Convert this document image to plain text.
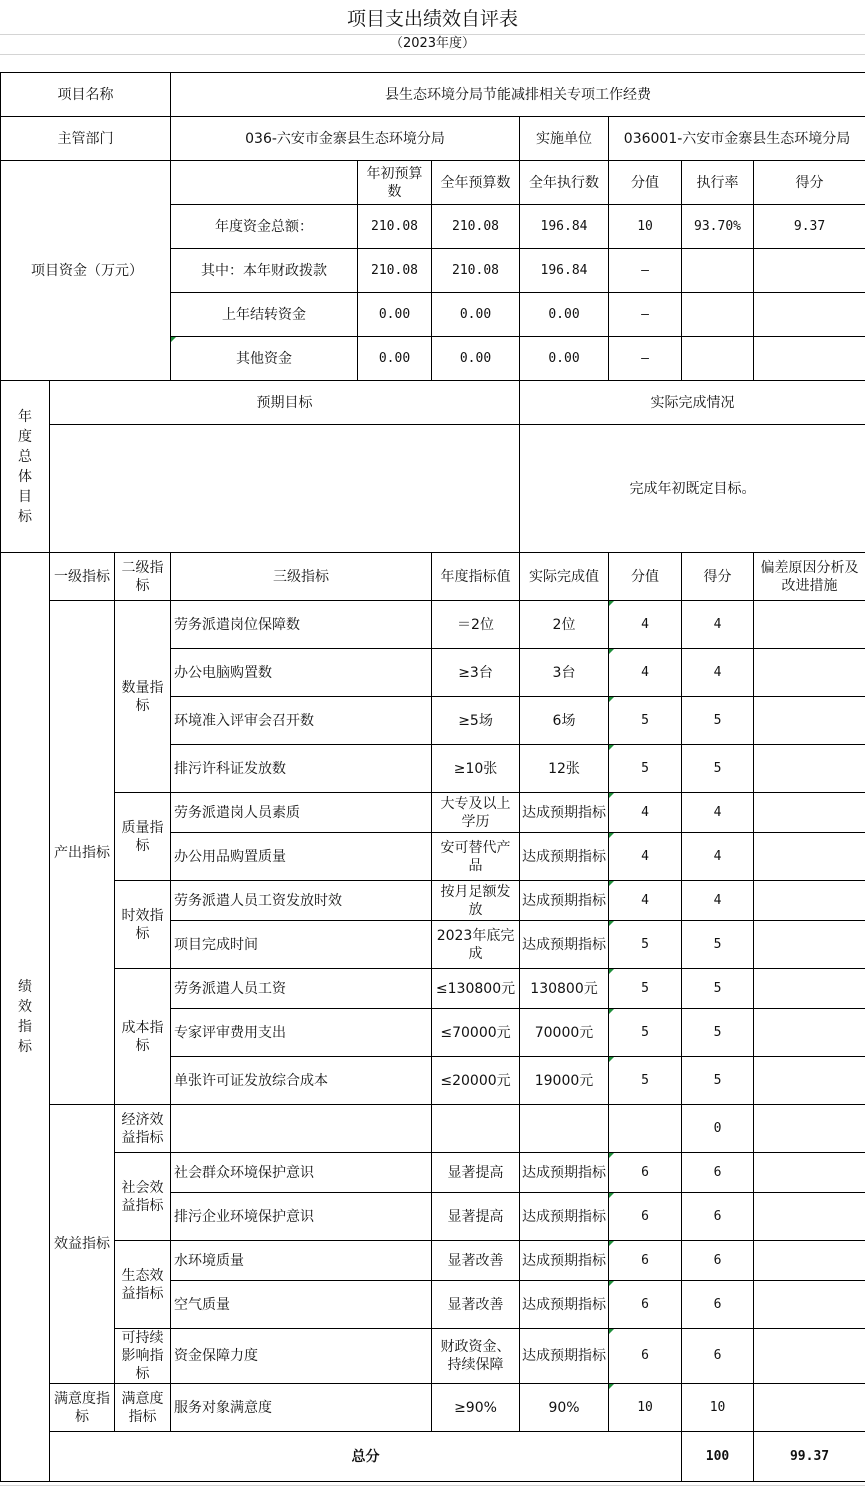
项目支出绩效自评表
（2023年度）
项目名称			县生态环境分局节能减排相关专项工作经费							
主管部门			036-六安市金寨县生态环境分局			实施单位	036001-六安市金寨县生态环境分局			
项目资金（万元）				年初预算数	全年预算数	全年执行数	分值	执行率	得分	
			年度资金总额：	210.08	210.08	196.84	10	93.70%	9.37	
			其中：本年财政拨款	210.08	210.08	196.84	—			
			上年结转资金	0.00	0.00	0.00	—			
			其他资金	0.00	0.00	0.00	—			

年度总体目标	预期目标					实际完成情况				
						完成年初既定目标。				

绩效指标	一级指标	二级指标	三级指标		年度指标值	实际完成值	分值	得分	偏差原因分析及改进措施	
	产出指标	数量指标	劳务派遣岗位保障数		＝2位	2位	4	4		
			办公电脑购置数		≥3台	3台	4	4		
			环境准入评审会召开数		≥5场	6场	5	5		
			排污许科证发放数		≥10张	12张	5	5		
		质量指标	劳务派遣岗人员素质		大专及以上学历	达成预期指标	4	4		
			办公用品购置质量		安可替代产品	达成预期指标	4	4		
		时效指标	劳务派遣人员工资发放时效		按月足额发放	达成预期指标	4	4		
			项目完成时间		2023年底完成	达成预期指标	5	5		
		成本指标	劳务派遣人员工资		≤130800元	130800元	5	5		
			专家评审费用支出		≤70000元	70000元	5	5		
			单张许可证发放综合成本		≤20000元	19000元	5	5		
	效益指标	经济效益指标						0		
		社会效益指标	社会群众环境保护意识		显著提高	达成预期指标	6	6		
			排污企业环境保护意识		显著提高	达成预期指标	6	6		
		生态效益指标	水环境质量		显著改善	达成预期指标	6	6		
			空气质量		显著改善	达成预期指标	6	6		
		可持续影响指标	资金保障力度		财政资金、持续保障	达成预期指标	6	6		
	满意度指标	满意度指标	服务对象满意度		≥90%	90%	10	10		
	总分							100	99.37	
